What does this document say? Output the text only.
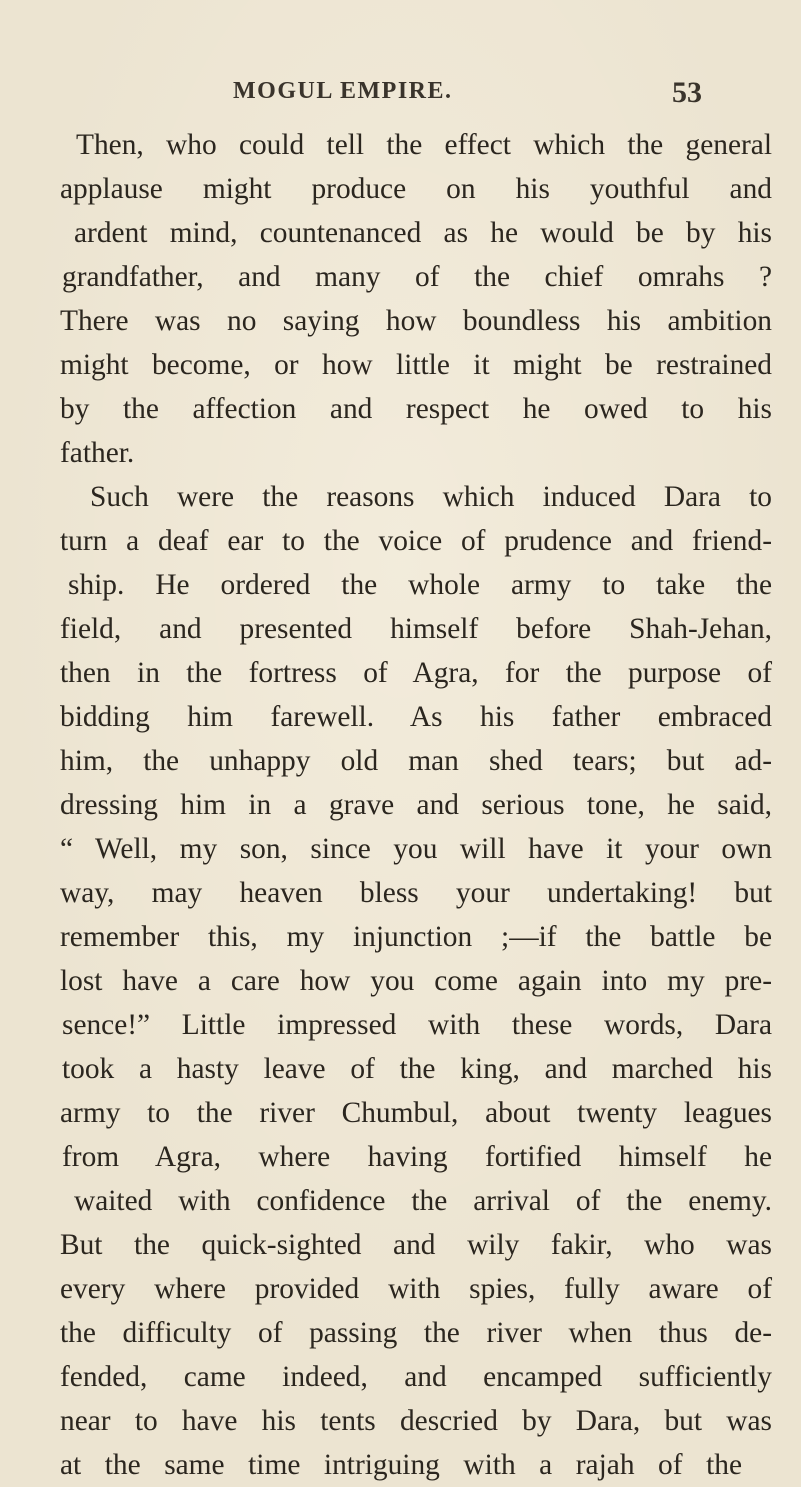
MOGUL EMPIRE.	53
Then, who could tell the effect which the general
applause might produce on his youthful and
ardent mind, countenanced as he would be by his
grandfather, and many of the chief omrahs ?
There was no saying how boundless his ambition
might become, or how little it might be restrained
by the affection and respect he owed to his
father.
Such were the reasons which induced Dara to
turn a deaf ear to the voice of prudence and friend-
ship. He ordered the whole army to take the
field, and presented himself before Shah-Jehan,
then in the fortress of Agra, for the purpose of
bidding him farewell. As his father embraced
him, the unhappy old man shed tears; but ad-
dressing him in a grave and serious tone, he said,
“ Well, my son, since you will have it your own
way, may heaven bless your undertaking! but
remember this, my injunction ;—if the battle be
lost have a care how you come again into my pre-
sence!” Little impressed with these words, Dara
took a hasty leave of the king, and marched his
army to the river Chumbul, about twenty leagues
from Agra, where having fortified himself he
waited with confidence the arrival of the enemy.
But the quick-sighted and wily fakir, who was
every where provided with spies, fully aware of
the difficulty of passing the river when thus de-
fended, came indeed, and encamped sufficiently
near to have his tents descried by Dara, but was
at the same time intriguing with a rajah of the
